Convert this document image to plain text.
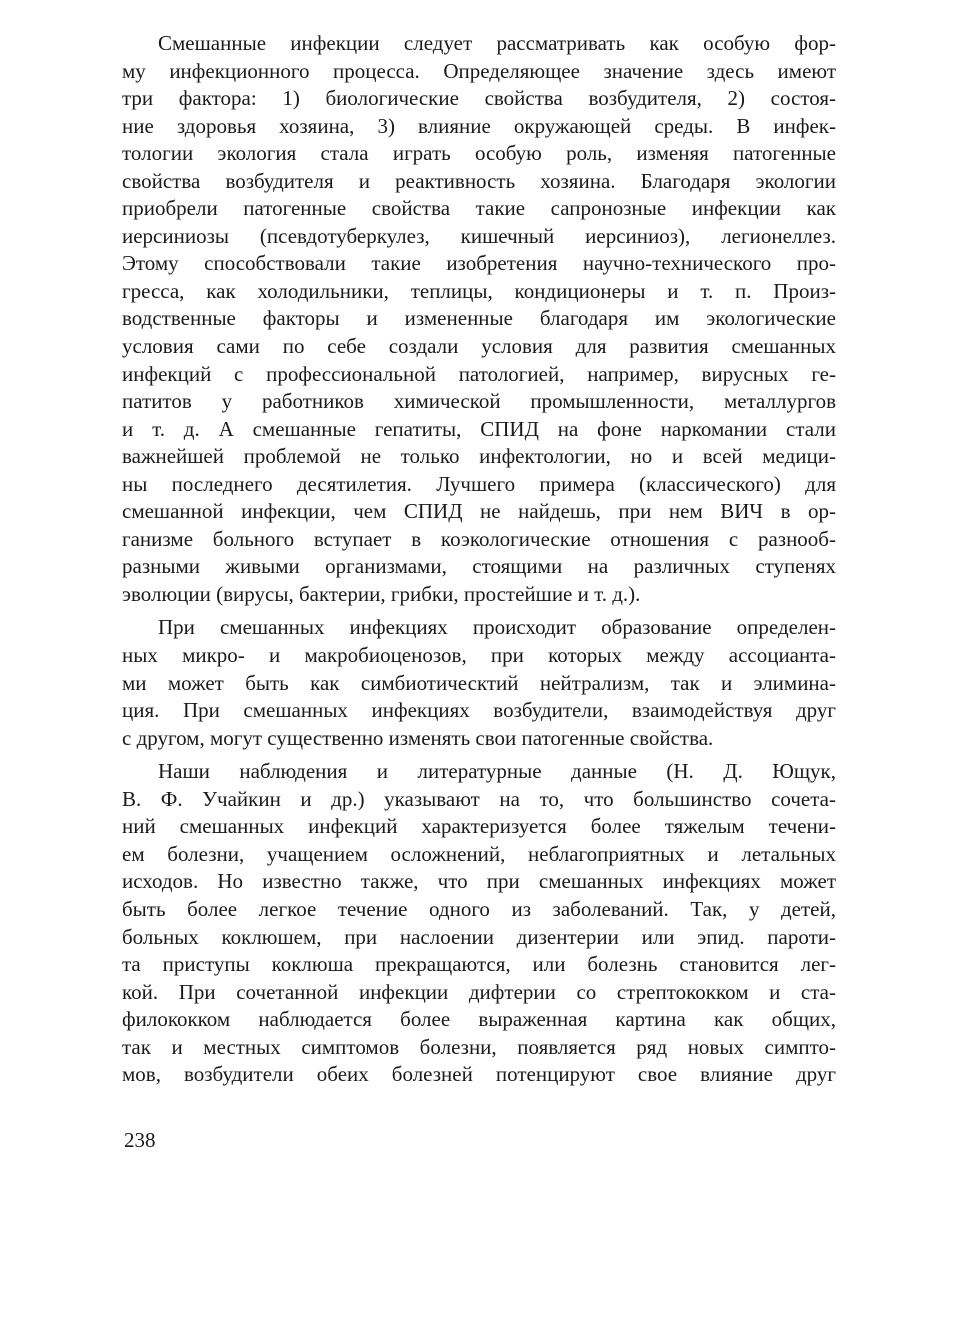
Смешанные инфекции следует рассматривать как особую фор-
му инфекционного процесса. Определяющее значение здесь имеют
три фактора: 1) биологические свойства возбудителя, 2) состоя-
ние здоровья хозяина, 3) влияние окружающей среды. В инфек-
тологии экология стала играть особую роль, изменяя патогенные
свойства возбудителя и реактивность хозяина. Благодаря экологии
приобрели патогенные свойства такие сапронозные инфекции как
иерсиниозы (псевдотуберкулез, кишечный иерсиниоз), легионеллез.
Этому способствовали такие изобретения научно-технического про-
гресса, как холодильники, теплицы, кондиционеры и т. п. Произ-
водственные факторы и измененные благодаря им экологические
условия сами по себе создали условия для развития смешанных
инфекций с профессиональной патологией, например, вирусных ге-
патитов у работников химической промышленности, металлургов
и т. д. А смешанные гепатиты, СПИД на фоне наркомании стали
важнейшей проблемой не только инфектологии, но и всей медици-
ны последнего десятилетия. Лучшего примера (классического) для
смешанной инфекции, чем СПИД не найдешь, при нем ВИЧ в ор-
ганизме больного вступает в коэкологические отношения с разнооб-
разными живыми организмами, стоящими на различных ступенях
эволюции (вирусы, бактерии, грибки, простейшие и т. д.).
При смешанных инфекциях происходит образование определен-
ных микро- и макробиоценозов, при которых между ассоцианта-
ми может быть как симбиотическтий нейтрализм, так и элимина-
ция. При смешанных инфекциях возбудители, взаимодействуя друг
с другом, могут существенно изменять свои патогенные свойства.
Наши наблюдения и литературные данные (Н. Д. Ющук,
В. Ф. Учайкин и др.) указывают на то, что большинство сочета-
ний смешанных инфекций характеризуется более тяжелым течени-
ем болезни, учащением осложнений, неблагоприятных и летальных
исходов. Но известно также, что при смешанных инфекциях может
быть более легкое течение одного из заболеваний. Так, у детей,
больных коклюшем, при наслоении дизентерии или эпид. пароти-
та приступы коклюша прекращаются, или болезнь становится лег-
кой. При сочетанной инфекции дифтерии со стрептококком и ста-
филококком наблюдается более выраженная картина как общих,
так и местных симптомов болезни, появляется ряд новых симпто-
мов, возбудители обеих болезней потенцируют свое влияние друг
238
